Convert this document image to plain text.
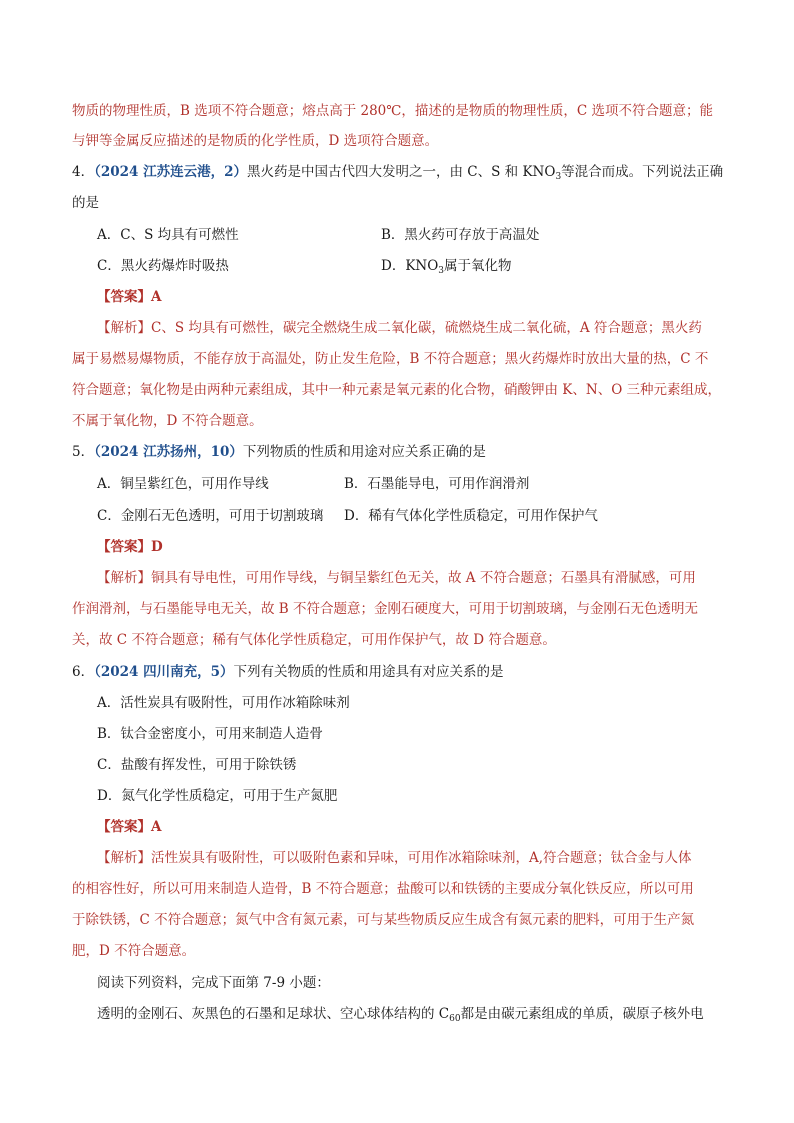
物质的物理性质，B 选项不符合题意；熔点高于 280℃，描述的是物质的物理性质，C 选项不符合题意；能
与钾等金属反应描述的是物质的化学性质，D 选项符合题意。
4．（2024 江苏连云港，2）黑火药是中国古代四大发明之一，由 C、S 和 $KNO_3$等混合而成。下列说法正确
的是
A．C、S 均具有可燃性	B．黑火药可存放于高温处
C．黑火药爆炸时吸热	D．$KNO_3$属于氧化物
【答案】A
【解析】C、S 均具有可燃性，碳完全燃烧生成二氧化碳，硫燃烧生成二氧化硫，A 符合题意；黑火药
属于易燃易爆物质，不能存放于高温处，防止发生危险，B 不符合题意；黑火药爆炸时放出大量的热，C 不
符合题意；氧化物是由两种元素组成，其中一种元素是氧元素的化合物，硝酸钾由 K、N、O 三种元素组成，
不属于氧化物，D 不符合题意。
5．（2024 江苏扬州，10）下列物质的性质和用途对应关系正确的是
A．铜呈紫红色，可用作导线	B．石墨能导电，可用作润滑剂
C．金刚石无色透明，可用于切割玻璃 D．稀有气体化学性质稳定，可用作保护气
【答案】D
【解析】铜具有导电性，可用作导线，与铜呈紫红色无关，故 A 不符合题意；石墨具有滑腻感，可用
作润滑剂，与石墨能导电无关，故 B 不符合题意；金刚石硬度大，可用于切割玻璃，与金刚石无色透明无
关，故 C 不符合题意；稀有气体化学性质稳定，可用作保护气，故 D 符合题意。
6．（2024 四川南充，5）下列有关物质的性质和用途具有对应关系的是
A．活性炭具有吸附性，可用作冰箱除味剂
B．钛合金密度小，可用来制造人造骨
C．盐酸有挥发性，可用于除铁锈
D．氮气化学性质稳定，可用于生产氮肥
【答案】A
【解析】活性炭具有吸附性，可以吸附色素和异味，可用作冰箱除味剂，A,符合题意；钛合金与人体
的相容性好，所以可用来制造人造骨，B 不符合题意；盐酸可以和铁锈的主要成分氧化铁反应，所以可用
于除铁锈，C 不符合题意；氮气中含有氮元素，可与某些物质反应生成含有氮元素的肥料，可用于生产氮
肥，D 不符合题意。
阅读下列资料，完成下面第 7-9 小题：
透明的金刚石、灰黑色的石墨和足球状、空心球体结构的 $C_{60}$都是由碳元素组成的单质，碳原子核外电
